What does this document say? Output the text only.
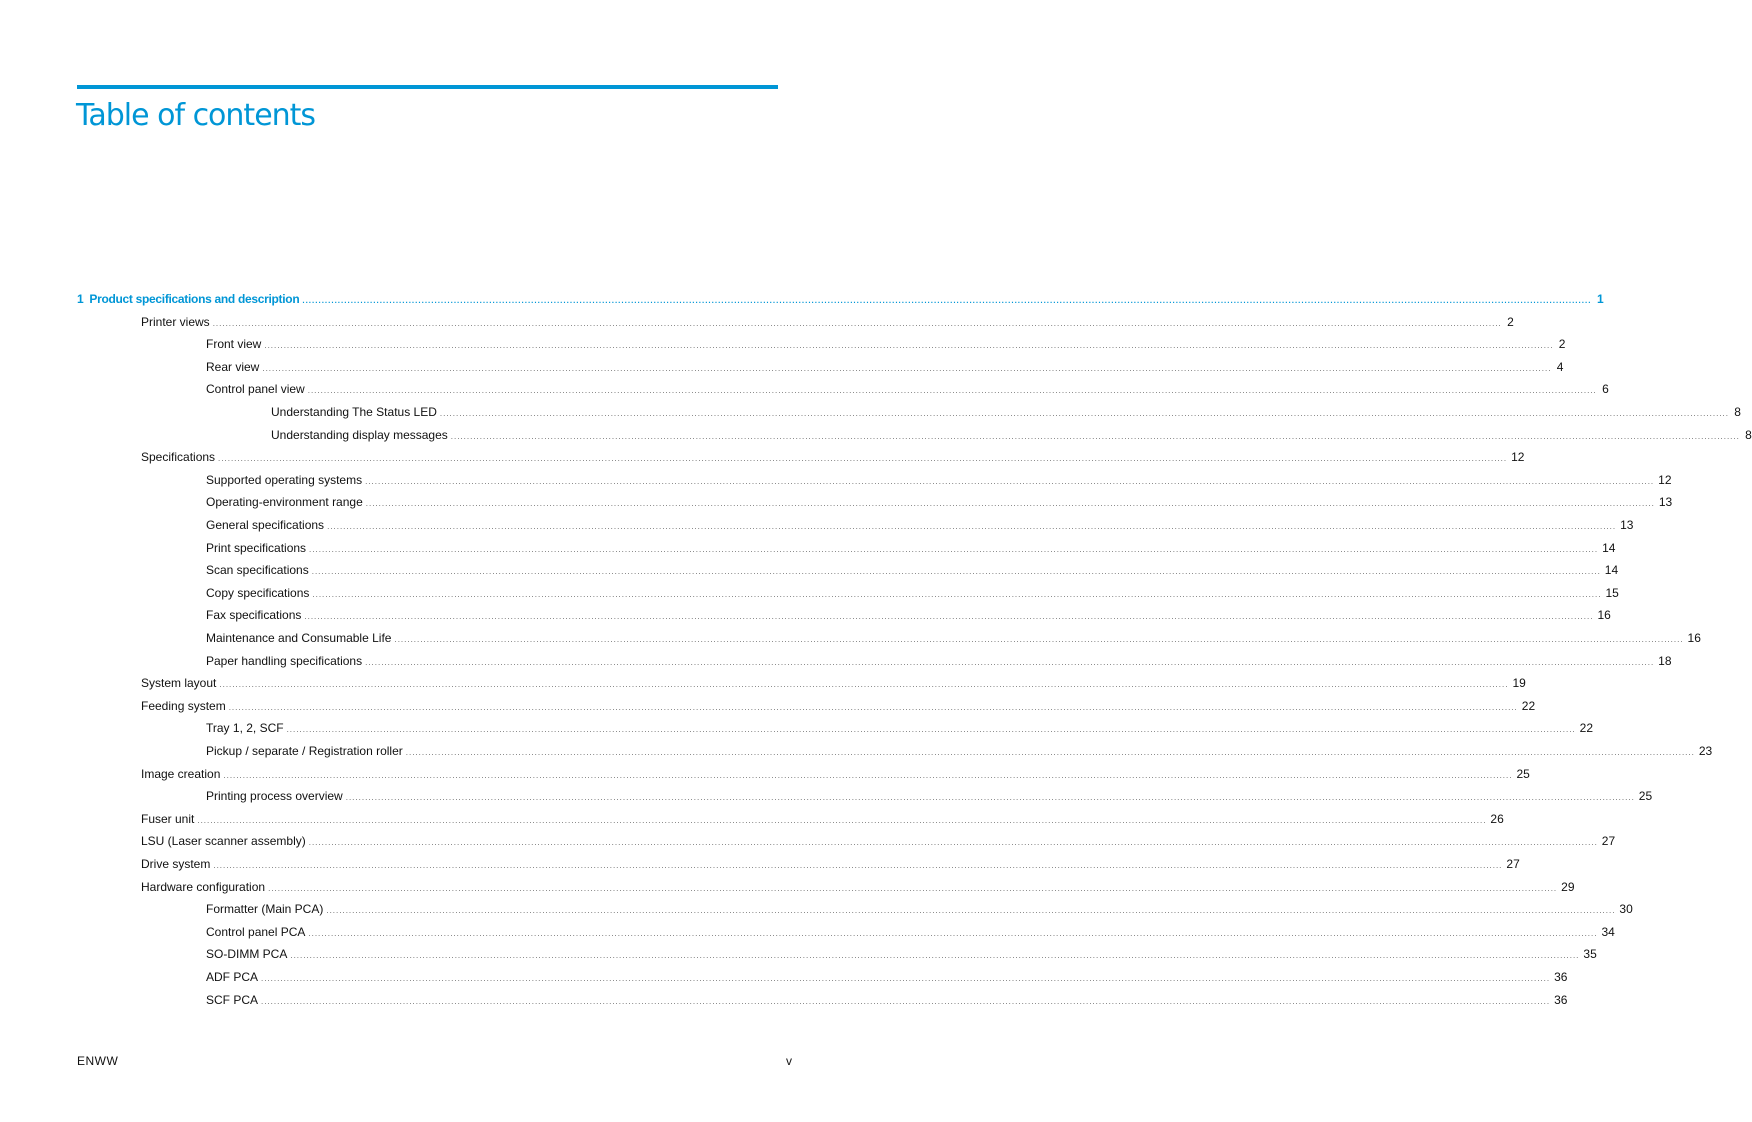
Table of contents
1 Product specifications and description ................................................................................................................................................................................................................................................................................................................................................................................................................ 1
Printer views ................................................................................................................................................................................................................................................................................................................................................................................................................ 2
Front view ................................................................................................................................................................................................................................................................................................................................................................................................................ 2
Rear view ................................................................................................................................................................................................................................................................................................................................................................................................................ 4
Control panel view ................................................................................................................................................................................................................................................................................................................................................................................................................ 6
Understanding The Status LED ................................................................................................................................................................................................................................................................................................................................................................................................................ 8
Understanding display messages ................................................................................................................................................................................................................................................................................................................................................................................................................ 8
Specifications ................................................................................................................................................................................................................................................................................................................................................................................................................ 12
Supported operating systems ................................................................................................................................................................................................................................................................................................................................................................................................................ 12
Operating-environment range ................................................................................................................................................................................................................................................................................................................................................................................................................ 13
General specifications ................................................................................................................................................................................................................................................................................................................................................................................................................ 13
Print specifications ................................................................................................................................................................................................................................................................................................................................................................................................................ 14
Scan specifications ................................................................................................................................................................................................................................................................................................................................................................................................................ 14
Copy specifications ................................................................................................................................................................................................................................................................................................................................................................................................................ 15
Fax specifications ................................................................................................................................................................................................................................................................................................................................................................................................................ 16
Maintenance and Consumable Life ................................................................................................................................................................................................................................................................................................................................................................................................................ 16
Paper handling specifications ................................................................................................................................................................................................................................................................................................................................................................................................................ 18
System layout ................................................................................................................................................................................................................................................................................................................................................................................................................ 19
Feeding system ................................................................................................................................................................................................................................................................................................................................................................................................................ 22
Tray 1, 2, SCF ................................................................................................................................................................................................................................................................................................................................................................................................................ 22
Pickup / separate / Registration roller ................................................................................................................................................................................................................................................................................................................................................................................................................ 23
Image creation ................................................................................................................................................................................................................................................................................................................................................................................................................ 25
Printing process overview ................................................................................................................................................................................................................................................................................................................................................................................................................ 25
Fuser unit ................................................................................................................................................................................................................................................................................................................................................................................................................ 26
LSU (Laser scanner assembly) ................................................................................................................................................................................................................................................................................................................................................................................................................ 27
Drive system ................................................................................................................................................................................................................................................................................................................................................................................................................ 27
Hardware configuration ................................................................................................................................................................................................................................................................................................................................................................................................................ 29
Formatter (Main PCA) ................................................................................................................................................................................................................................................................................................................................................................................................................ 30
Control panel PCA ................................................................................................................................................................................................................................................................................................................................................................................................................ 34
SO-DIMM PCA ................................................................................................................................................................................................................................................................................................................................................................................................................ 35
ADF PCA ................................................................................................................................................................................................................................................................................................................................................................................................................ 36
SCF PCA ................................................................................................................................................................................................................................................................................................................................................................................................................ 36
ENWW	v
